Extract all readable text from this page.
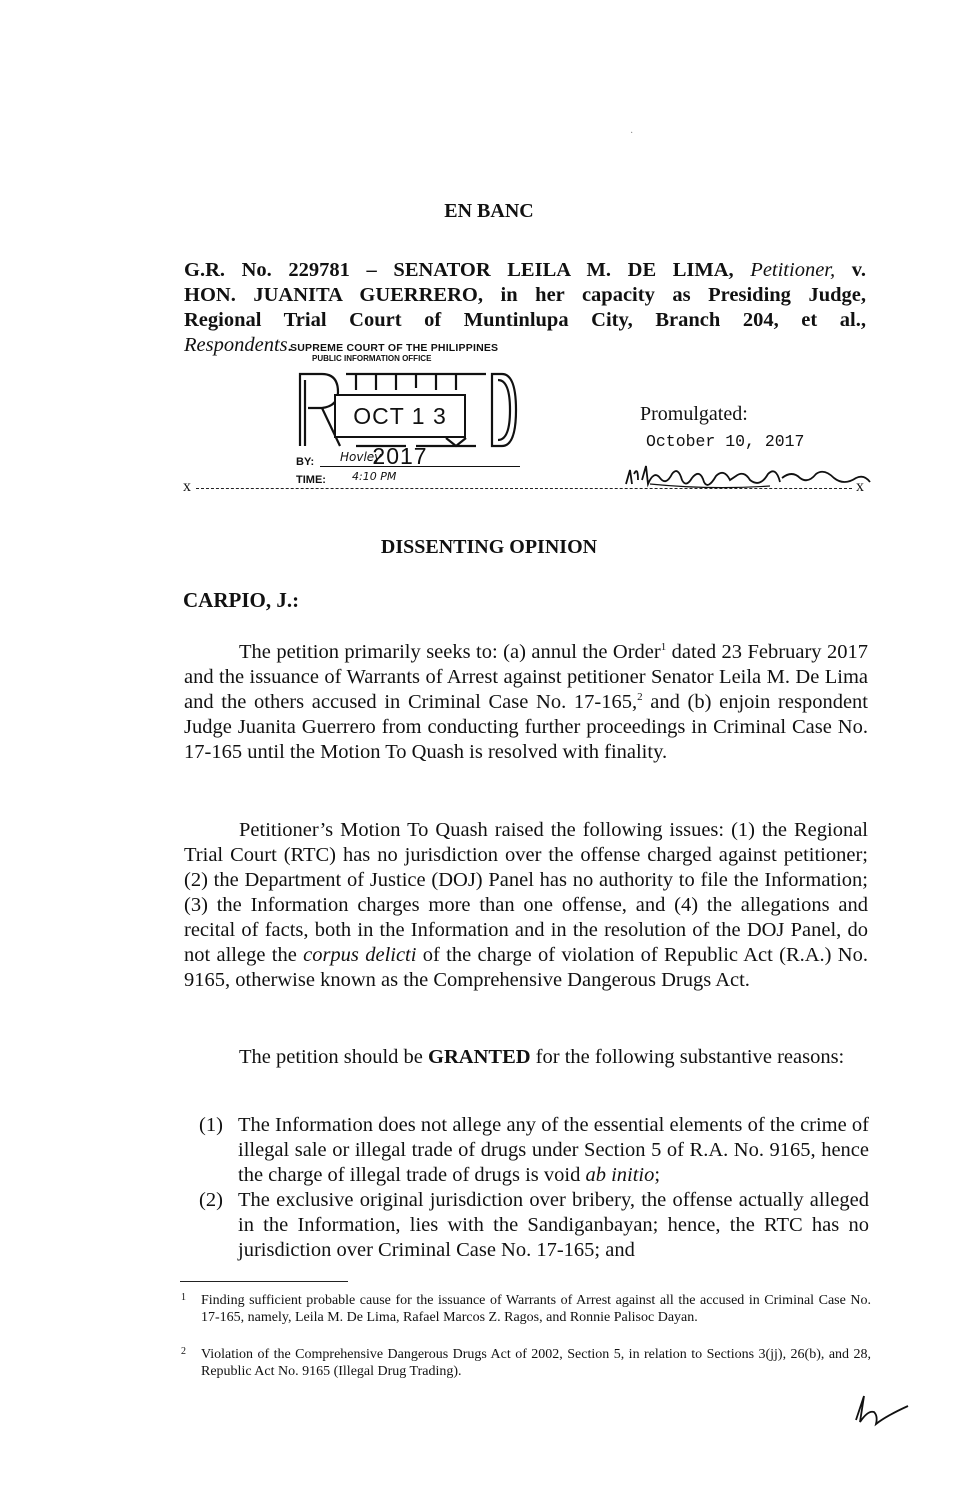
·
EN BANC
G.R. No. 229781 – SENATOR LEILA M. DE LIMA, Petitioner, v.
HON. JUANITA GUERRERO, in her capacity as Presiding Judge,
Regional Trial Court of Muntinlupa City, Branch 204, et al.,
Respondents.
SUPREME COURT OF THE PHILIPPINES
PUBLIC INFORMATION OFFICE
OCT 1 3 2017
BY: Hovley
TIME: 4:10 PM
Promulgated:
October 10, 2017
x	x
DISSENTING OPINION
CARPIO, J.:
The petition primarily seeks to: (a) annul the Order$^1$ dated 23 February 2017 and the issuance of Warrants of Arrest against petitioner Senator Leila M. De Lima and the others accused in Criminal Case No. 17-165,$^2$ and (b) enjoin respondent Judge Juanita Guerrero from conducting further proceedings in Criminal Case No. 17-165 until the Motion To Quash is resolved with finality.
Petitioner’s Motion To Quash raised the following issues: (1) the Regional Trial Court (RTC) has no jurisdiction over the offense charged against petitioner; (2) the Department of Justice (DOJ) Panel has no authority to file the Information; (3) the Information charges more than one offense, and (4) the allegations and recital of facts, both in the Information and in the resolution of the DOJ Panel, do not allege the corpus delicti of the charge of violation of Republic Act (R.A.) No. 9165, otherwise known as the Comprehensive Dangerous Drugs Act.
The petition should be GRANTED for the following substantive reasons:
(1) The Information does not allege any of the essential elements of the crime of illegal sale or illegal trade of drugs under Section 5 of R.A. No. 9165, hence the charge of illegal trade of drugs is void ab initio;
(2) The exclusive original jurisdiction over bribery, the offense actually alleged in the Information, lies with the Sandiganbayan; hence, the RTC has no jurisdiction over Criminal Case No. 17-165; and
1 Finding sufficient probable cause for the issuance of Warrants of Arrest against all the accused in Criminal Case No. 17-165, namely, Leila M. De Lima, Rafael Marcos Z. Ragos, and Ronnie Palisoc Dayan.
2 Violation of the Comprehensive Dangerous Drugs Act of 2002, Section 5, in relation to Sections 3(jj), 26(b), and 28, Republic Act No. 9165 (Illegal Drug Trading).
